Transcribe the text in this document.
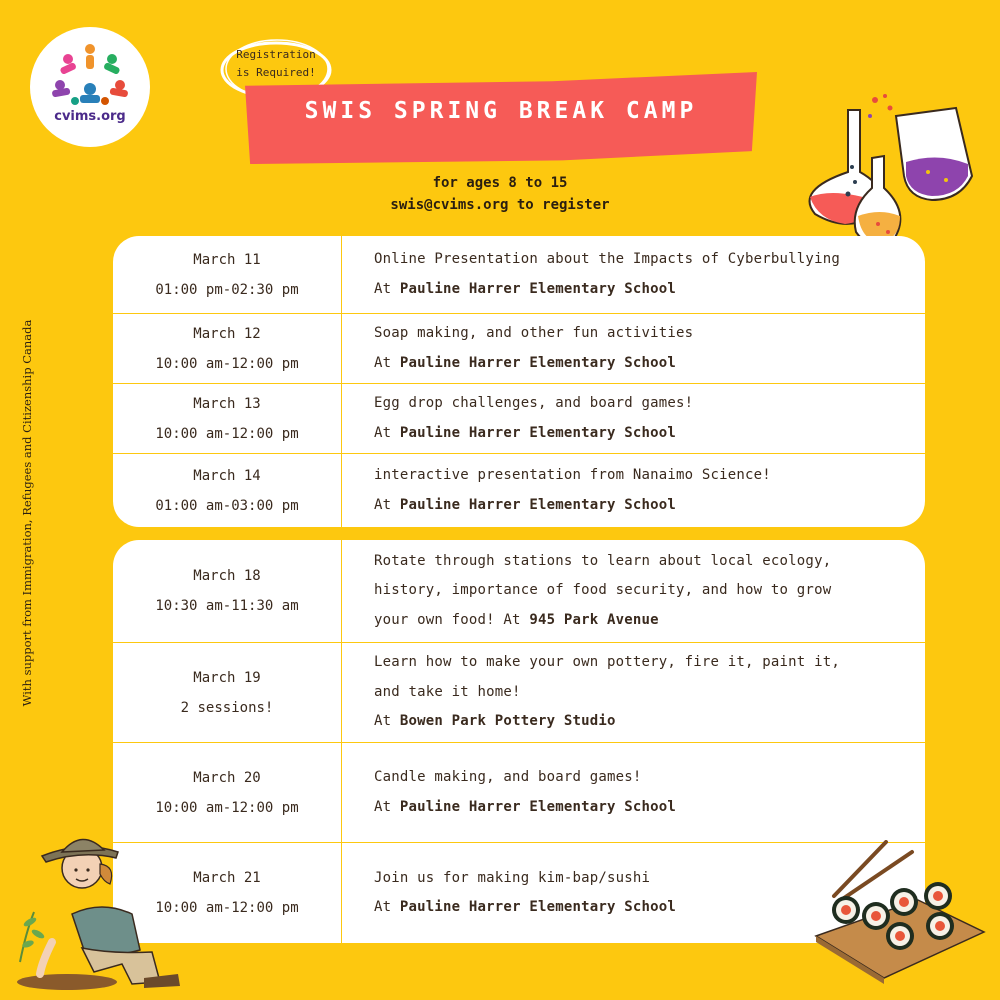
cvims.org
Registration
is Required!
SWIS SPRING BREAK CAMP
for ages 8 to 15
swis@cvims.org to register
March 11
01:00 pm-02:30 pm
Online Presentation about the Impacts of Cyberbullying
At Pauline Harrer Elementary School
March 12
10:00 am-12:00 pm
Soap making, and other fun activities
At Pauline Harrer Elementary School
March 13
10:00 am-12:00 pm
Egg drop challenges, and board games!
At Pauline Harrer Elementary School
March 14
01:00 am-03:00 pm
interactive presentation from Nanaimo Science!
At Pauline Harrer Elementary School
March 18
10:30 am-11:30 am
Rotate through stations to learn about local ecology,
history, importance of food security, and how to grow
your own food! At 945 Park Avenue
March 19
2 sessions!
Learn how to make your own pottery, fire it, paint it,
and take it home!
At Bowen Park Pottery Studio
March 20
10:00 am-12:00 pm
Candle making, and board games!
At Pauline Harrer Elementary School
March 21
10:00 am-12:00 pm
Join us for making kim-bap/sushi
At Pauline Harrer Elementary School
With support from Immigration, Refugees and Citizenship Canada
